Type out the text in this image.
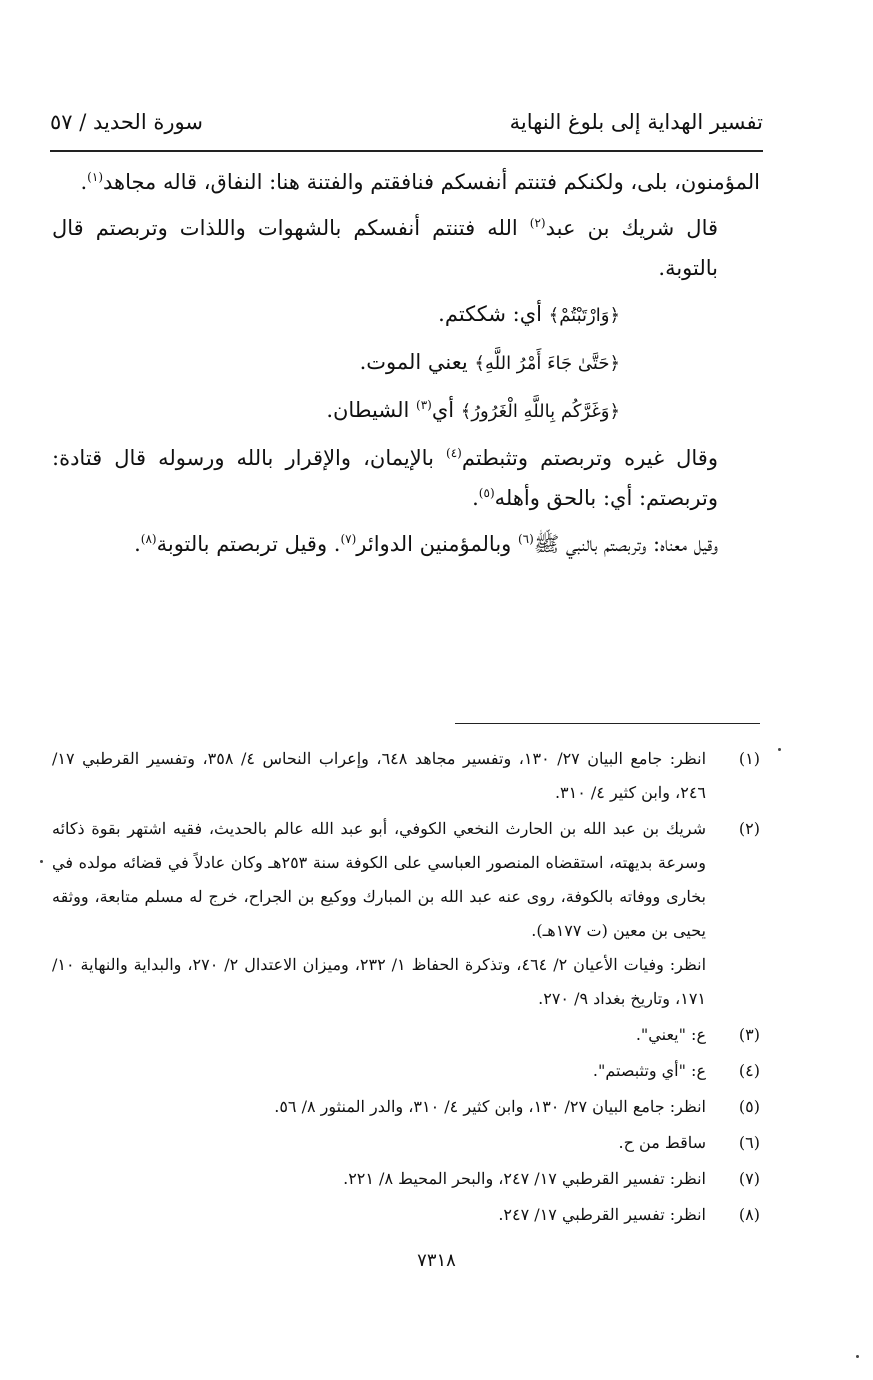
تفسير الهداية إلى بلوغ النهاية
سورة الحديد / ٥٧

المؤمنون، بلى، ولكنكم فتنتم أنفسكم فنافقتم والفتنة هنا: النفاق، قاله مجاهد$^{(١)}$.

قال شريك بن عبد$^{(٢)}$ الله فتنتم أنفسكم بالشهوات واللذات وتربصتم قال بالتوبة.

﴿وَارْتَبْتُمْ﴾ أي: شككتم.

﴿حَتَّىٰ جَاءَ أَمْرُ اللَّهِ﴾ يعني الموت.

﴿وَغَرَّكُم بِاللَّهِ الْغَرُورُ﴾ أي$^{(٣)}$ الشيطان.

وقال غيره وتربصتم وتثبطتم$^{(٤)}$ بالإيمان، والإقرار بالله ورسوله قال قتادة: وتربصتم: أي: بالحق وأهله$^{(٥)}$.

وقيل معناه: وتربصتم بالنبي ﷺ$^{(٦)}$ وبالمؤمنين الدوائر$^{(٧)}$. وقيل تربصتم بالتوبة$^{(٨)}$.

(١)
انظر: جامع البيان ٢٧/ ١٣٠، وتفسير مجاهد ٦٤٨، وإعراب النحاس ٤/ ٣٥٨، وتفسير القرطبي ١٧/ ٢٤٦، وابن كثير ٤/ ٣١٠.
(٢)
شريك بن عبد الله بن الحارث النخعي الكوفي، أبو عبد الله عالم بالحديث، فقيه اشتهر بقوة ذكائه وسرعة بديهته، استقضاه المنصور العباسي على الكوفة سنة ٢٥٣هـ وكان عادلاً في قضائه مولده في بخارى ووفاته بالكوفة، روى عنه عبد الله بن المبارك ووكيع بن الجراح، خرج له مسلم متابعة، ووثقه يحيى بن معين (ت ١٧٧هـ).
انظر: وفيات الأعيان ٢/ ٤٦٤، وتذكرة الحفاظ ١/ ٢٣٢، وميزان الاعتدال ٢/ ٢٧٠، والبداية والنهاية ١٠/ ١٧١، وتاريخ بغداد ٩/ ٢٧٠.
(٣)
ع: "يعني".
(٤)
ع: "أي وتثبصتم".
(٥)
انظر: جامع البيان ٢٧/ ١٣٠، وابن كثير ٤/ ٣١٠، والدر المنثور ٨/ ٥٦.
(٦)
ساقط من ح.
(٧)
انظر: تفسير القرطبي ١٧/ ٢٤٧، والبحر المحيط ٨/ ٢٢١.
(٨)
انظر: تفسير القرطبي ١٧/ ٢٤٧.
٧٣١٨
